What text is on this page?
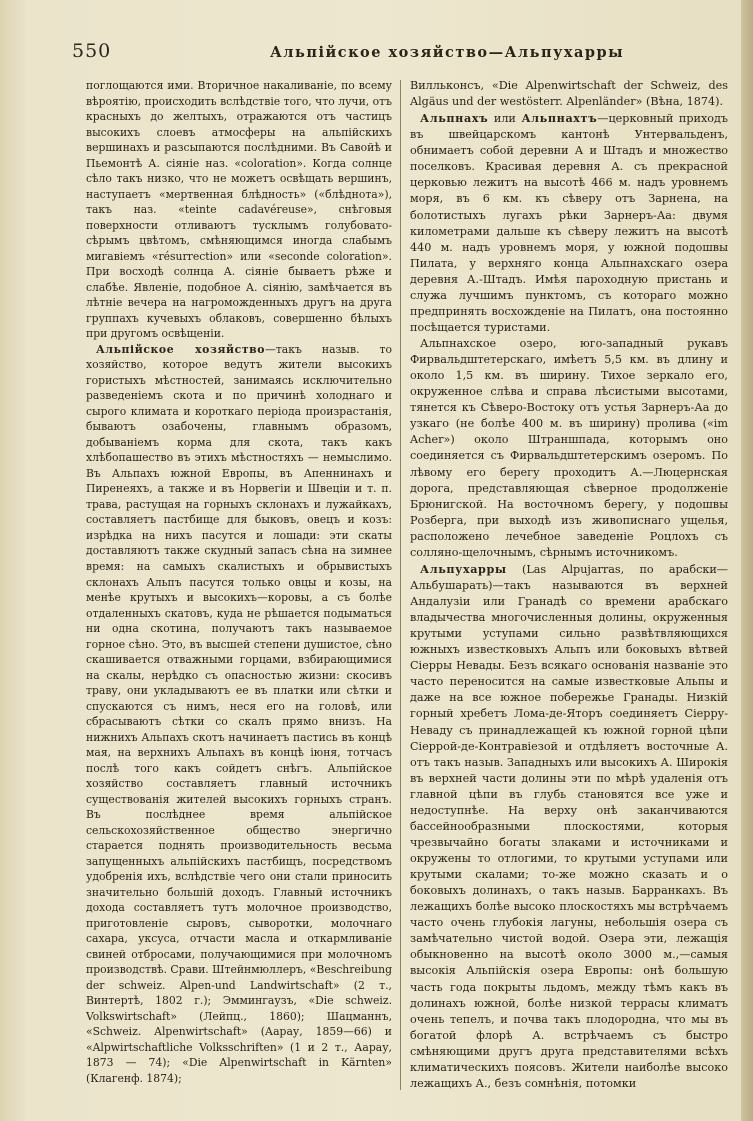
550	Альпійское хозяйство—Альпухарры

поглощаются ими. Вторичное накаливаніе, по всему вѣроятію, происходить вслѣдствіе того, что лучи, отъ красныхъ до желтыхъ, отражаются отъ частицъ высокихъ слоевъ атмосферы на альпійскихъ вершинахъ и разсыпаются послѣдними. Въ Савойѣ и Пьемонтѣ А. сіяніе наз. «coloration». Когда солнце сѣло такъ низко, что не можетъ освѣщать вершинъ, наступаетъ «мертвенная блѣдность» («блѣднота»), такъ наз. «teinte cadavéreuse», снѣговыя поверхности отливаютъ тусклымъ голубовато-сѣрымъ цвѣтомъ, смѣняющимся иногда слабымъ мигавіемъ «résurrection» или «seconde coloration». При восходѣ солнца А. сіяніе бываетъ рѣже и слабѣе. Явленіе, подобное А. сіянію, замѣчается въ лѣтніе вечера на нагроможденныхъ другъ на друга группахъ кучевыхъ облаковъ, совершенно бѣлыхъ при другомъ освѣщеніи.

Альпійское хозяйство—такъ назыв. то хозяйство, которое ведутъ жители высокихъ гористыхъ мѣстностей, занимаясь исключительно разведеніемъ скота и по причинѣ холоднаго и сырого климата и короткаго періода произрастанія, бываютъ озабочены, главнымъ образомъ, добываніемъ корма для скота, такъ какъ хлѣбопашество въ этихъ мѣстностяхъ — немыслимо. Въ Альпахъ южной Европы, въ Апеннинахъ и Пиренеяхъ, а также и въ Норвегіи и Швеціи и т. п. трава, растущая на горныхъ склонахъ и лужайкахъ, составляетъ пастбище для быковъ, овецъ и козъ: изрѣдка на нихъ пасутся и лошади: эти скаты доставляютъ также скудный запасъ сѣна на зимнее время: на самыхъ скалистыхъ и обрывистыхъ склонахъ Альпъ пасутся только овцы и козы, на менѣе крутыхъ и высокихъ—коровы, а съ болѣе отдаленныхъ скатовъ, куда не рѣшается подыматься ни одна скотина, получаютъ такъ называемое горное сѣно. Это, въ высшей степени душистое, сѣно скашивается отважными горцами, взбирающимися на скалы, нерѣдко съ опасностью жизни: скосивъ траву, они укладываютъ ее въ платки или сѣтки и спускаются съ нимъ, неся его на головѣ, или сбрасываютъ сѣтки со скалъ прямо внизъ. На нижнихъ Альпахъ скотъ начинаетъ пастись въ концѣ мая, на верхнихъ Альпахъ въ концѣ іюня, тотчасъ послѣ того какъ сойдетъ снѣгъ. Альпійское хозяйство составляетъ главный источникъ существованія жителей высокихъ горныхъ странъ. Въ послѣднее время альпійское сельскохозяйственное общество энергично старается поднять производительность весьма запущенныхъ альпійскихъ пастбищъ, посредствомъ удобренія ихъ, вслѣдствіе чего они стали приносить значительно большій доходъ. Главный источникъ дохода составляетъ тутъ молочное производство, приготовленіе сыровъ, сыворотки, молочнаго сахара, уксуса, отчасти масла и откармливаніе свиней отбросами, получающимися при молочномъ производствѣ. Срави. Штейнмюллеръ, «Beschreibung der schweiz. Alpen-und Landwirtschaft» (2 т., Винтертѣ, 1802 г.); Эммингаузъ, «Die schweiz. Volkswirtschaft» (Лейпц., 1860); Шацманнъ, «Schweiz. Alpenwirtschaft» (Аарау, 1859—66) и «Alpwirtschaftliche Volksschriften» (1 и 2 т., Аарау, 1873 — 74); «Die Alpenwirtschaft in Kärnten» (Клагенф. 1874);

Вилльконсъ, «Die Alpenwirtschaft der Schweiz, des Algäus und der westösterr. Alpenländer» (Вѣна, 1874).

Альпнахъ или Альпнахтъ—церковный приходъ въ швейцарскомъ кантонѣ Унтервальденъ, обнимаетъ собой деревни А и Штадъ и множество поселковъ. Красивая деревня А. съ прекрасной церковью лежитъ на высотѣ 466 м. надъ уровнемъ моря, въ 6 км. къ сѣверу отъ Зарнена, на болотистыхъ лугахъ рѣки Зарнеръ-Аа: двумя километрами дальше къ сѣверу лежитъ на высотѣ 440 м. надъ уровнемъ моря, у южной подошвы Пилата, у верхняго конца Альпнахскаго озера деревня А.-Штадъ. Имѣя пароходную пристань и служа лучшимъ пунктомъ, съ котораго можно предпринять восхожденіе на Пилатъ, она постоянно посѣщается туристами.

Альпнахское озеро, юго-западный рукавъ Фирвальдштетерскаго, имѣетъ 5,5 км. въ длину и около 1,5 км. въ ширину. Тихое зеркало его, окруженное слѣва и справа лѣсистыми высотами, тянется къ Сѣверо-Востоку отъ устья Зарнеръ-Аа до узкаго (не болѣе 400 м. въ ширину) пролива («im Acher») около Штраншпада, которымъ оно соединяется съ Фирвальдштетерскимъ озеромъ. По лѣвому его берегу проходитъ А.—Люцернская дорога, представляющая сѣверное продолженіе Брюнигской. На восточномъ берегу, у подошвы Розберга, при выходѣ изъ живописнаго ущелья, расположено лечебное заведеніе Роцлохъ съ солляно-щелочнымъ, сѣрнымъ источникомъ.

Альпухарры (Las Alpujarras, по арабски—Альбушарать)—такъ называются въ верхней Андалузіи или Гранадѣ со времени арабскаго владычества многочисленныя долины, окруженныя крутыми уступами сильно развѣтвляющихся южныхъ известковыхъ Альпъ или боковыхъ вѣтвей Сіерры Невады. Безъ всякаго основанія названіе это часто переносится на самые известковые Альпы и даже на все южное побережье Гранады. Низкій горный хребетъ Лома-де-Яторъ соединяетъ Сіерру-Неваду съ принадлежащей къ южной горной цѣпи Сіеррой-де-Контравіезой и отдѣляетъ восточные А. отъ такъ назыв. Западныхъ или высокихъ А. Широкія въ верхней части долины эти по мѣрѣ удаленія отъ главной цѣпи въ глубь становятся все уже и недоступнѣе. На верху онѣ заканчиваются бассейнообразными плоскостями, которыя чрезвычайно богаты злаками и источниками и окружены то отлогими, то крутыми уступами или крутыми скалами; то-же можно сказать и о боковыхъ долинахъ, о такъ назыв. Барранкахъ. Въ лежащихъ болѣе высоко плоскостяхъ мы встрѣчаемъ часто очень глубокія лагуны, небольшія озера съ замѣчательно чистой водой. Озера эти, лежащія обыкновенно на высотѣ около 3000 м.,—самыя высокія Альпійскія озера Европы: онѣ большую часть года покрыты льдомъ, между тѣмъ какъ въ долинахъ южной, болѣе низкой террасы климатъ очень тепелъ, и почва такъ плодородна, что мы въ богатой флорѣ А. встрѣчаемъ съ быстро смѣняющими другъ друга представителями всѣхъ климатическихъ поясовъ. Жители наиболѣе высоко лежащихъ А., безъ сомнѣнія, потомки
